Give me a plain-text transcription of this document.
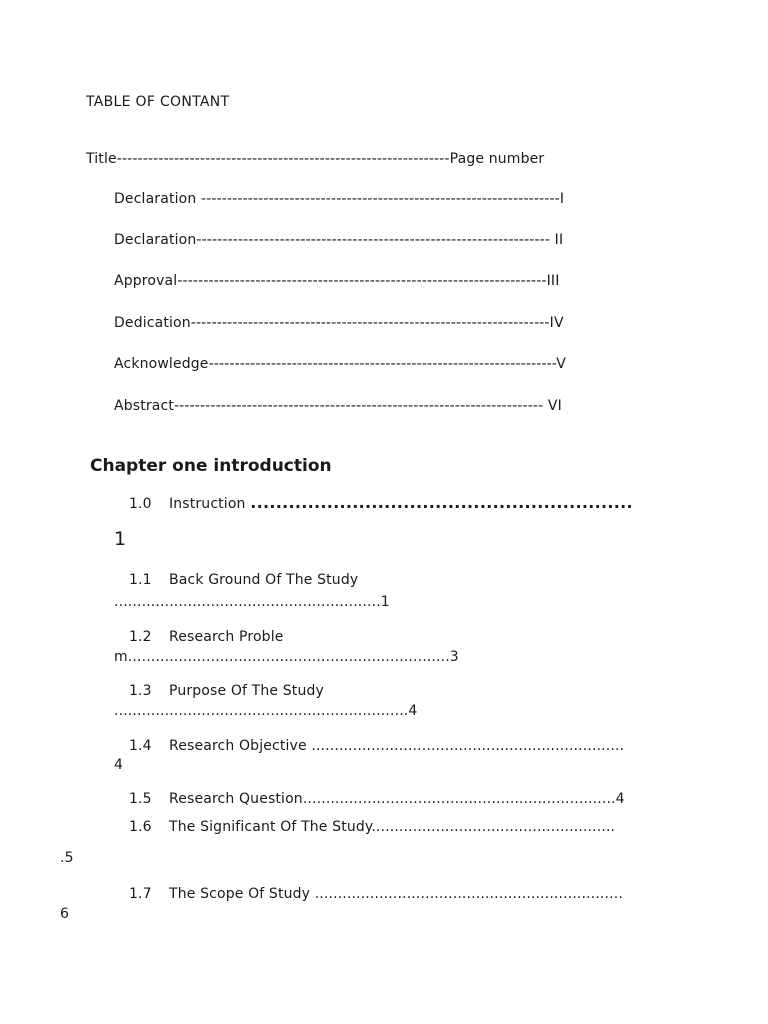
TABLE OF CONTANT
Title----------------------------------------------------------------Page number
Declaration ---------------------------------------------------------------------I
Declaration-------------------------------------------------------------------- II
Approval-----------------------------------------------------------------------III
Dedication---------------------------------------------------------------------IV
Acknowledge-------------------------------------------------------------------V
Abstract----------------------------------------------------------------------- VI
Chapter one introduction
1.0 Instruction ............................................................
1
1.1 Back Ground Of The Study
..........................................................1
1.2 Research Proble
m......................................................................3
1.3 Purpose Of The Study
................................................................4
1.4 Research Objective ....................................................................
4
1.5 Research Question....................................................................4
1.6 The Significant Of The Study.....................................................
.5
1.7 The Scope Of Study ...................................................................
6
